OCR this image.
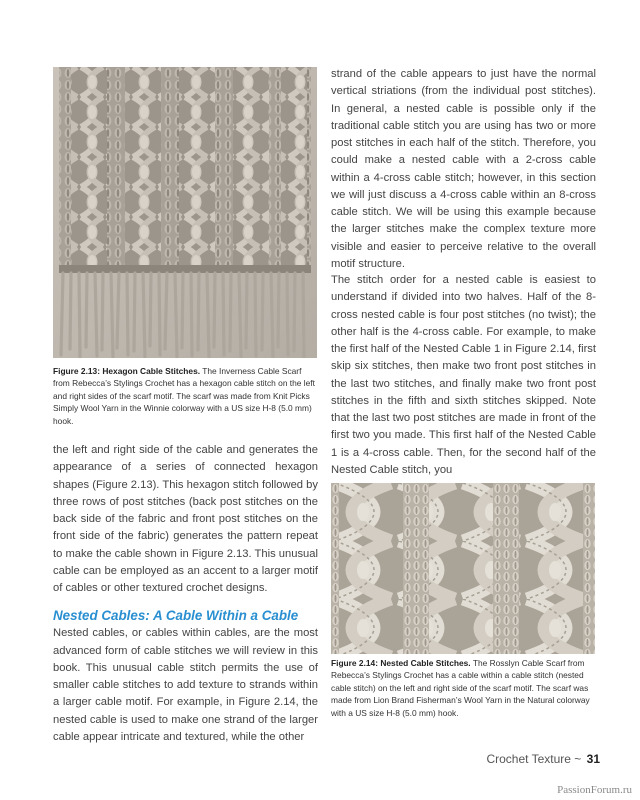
Figure 2.13: Hexagon Cable Stitches. The Inverness Cable Scarf from Rebecca’s Stylings Crochet has a hexagon cable stitch on the left and right sides of the scarf motif. The scarf was made from Knit Picks Simply Wool Yarn in the Winnie colorway with a US size H-8 (5.0 mm) hook.

the left and right side of the cable and generates the appearance of a series of connected hexagon shapes (Figure 2.13). This hexagon stitch followed by three rows of post stitches (back post stitches on the back side of the fabric and front post stitches on the front side of the fabric) generates the pattern repeat to make the cable shown in Figure 2.13. This unusual cable can be employed as an accent to a larger motif of cables or other textured crochet designs.

Nested Cables: A Cable Within a Cable

Nested cables, or cables within cables, are the most advanced form of cable stitches we will review in this book. This unusual cable stitch permits the use of smaller cable stitches to add texture to strands within a larger cable motif. For example, in Figure 2.14, the nested cable is used to make one strand of the larger cable appear intricate and textured, while the other

strand of the cable appears to just have the normal vertical striations (from the individual post stitches). In general, a nested cable is possible only if the traditional cable stitch you are using has two or more post stitches in each half of the stitch. Therefore, you could make a nested cable with a 2-cross cable within a 4-cross cable stitch; however, in this section we will just discuss a 4-cross cable within an 8-cross cable stitch. We will be using this example because the larger stitches make the complex texture more visible and easier to perceive relative to the overall motif structure.

The stitch order for a nested cable is easiest to understand if divided into two halves. Half of the 8-cross nested cable is four post stitches (no twist); the other half is the 4-cross cable. For example, to make the first half of the Nested Cable 1 in Figure 2.14, first skip six stitches, then make two front post stitches in the last two stitches, and finally make two front post stitches in the fifth and sixth stitches skipped. Note that the last two post stitches are made in front of the first two you made. This first half of the Nested Cable 1 is a 4-cross cable. Then, for the second half of the Nested Cable stitch, you

Figure 2.14: Nested Cable Stitches. The Rosslyn Cable Scarf from Rebecca’s Stylings Crochet has a cable within a cable stitch (nested cable stitch) on the left and right side of the scarf motif. The scarf was made from Lion Brand Fisherman’s Wool Yarn in the Natural colorway with a US size H-8 (5.0 mm) hook.
Crochet Texture ~ 31
PassionForum.ru
